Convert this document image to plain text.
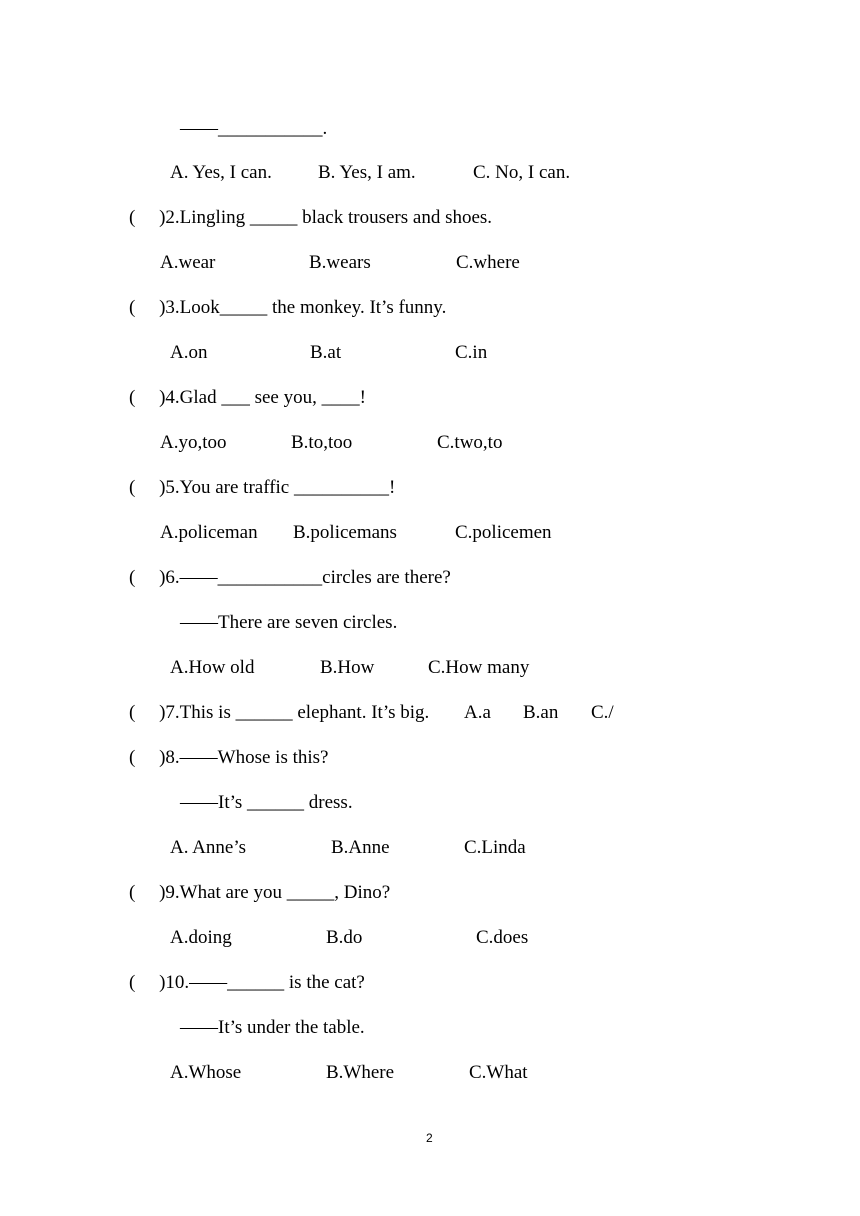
——___________.
A. Yes, I can. B. Yes, I am.	C. No, I can.
(     )2.Lingling _____ black trousers and shoes.
A.wear	B.wears	C.where
(     )3.Look_____ the monkey. It’s funny.
A.on	B.at	C.in
(     )4.Glad ___ see you, ____!
A.yo,too	B.to,too	C.two,to
(     )5.You are traffic __________!
A.policeman B.policemans	C.policemen
(     )6.——___________circles are there?
——There are seven circles.
A.How old	B.How	C.How many
(     )7.This is ______ elephant. It’s big. A.a B.an C./
(     )8.——Whose is this?
——It’s ______ dress.
A. Anne’s	B.Anne	C.Linda
(     )9.What are you _____, Dino?
A.doing	B.do	C.does
(     )10.——______ is the cat?
——It’s under the table.
A.Whose	B.Where	C.What
2
